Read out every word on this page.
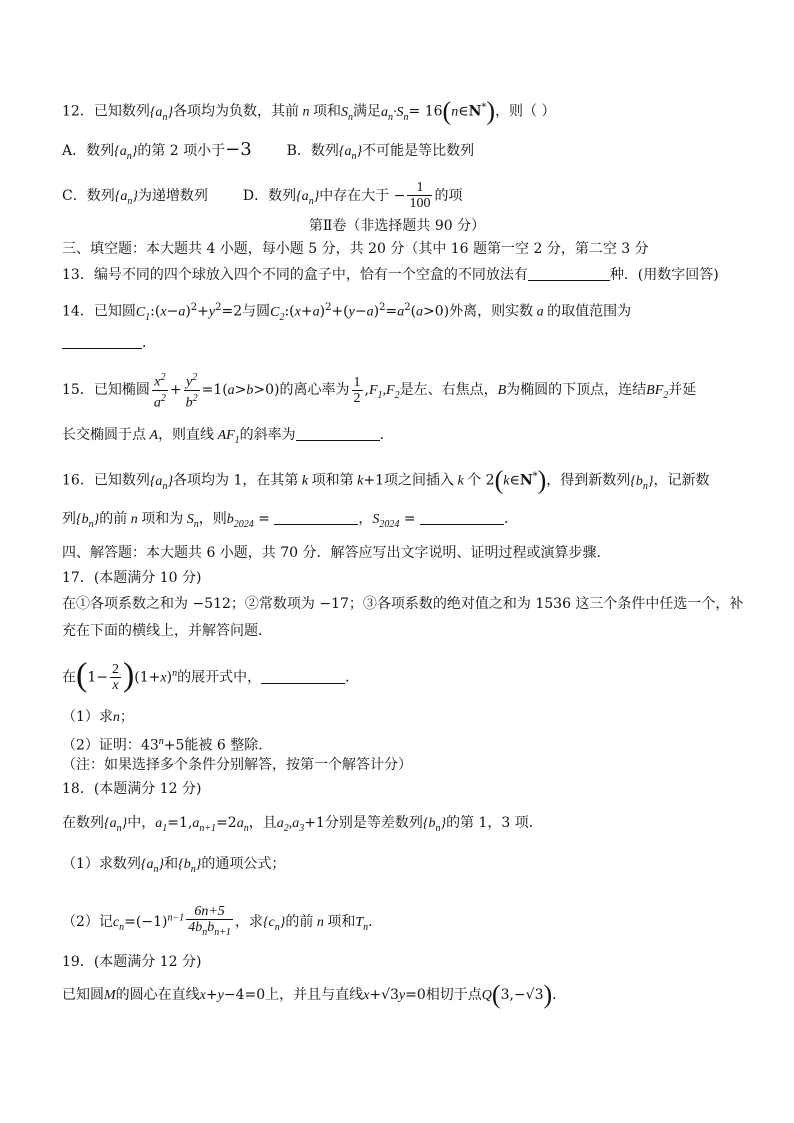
12．已知数列$\{a_n\}$各项均为负数，其前 n 项和$S_n$满足$a_n\cdot S_n=$ 16(n∈N*)，则（ ）
A．数列$\{a_n\}$的第 2 项小于−3 B．数列$\{a_n\}$不可能是等比数列
C．数列$\{a_n\}$为递增数列 D．数列$\{a_n\}$中存在大于 − $\frac{1}{100}$ 的项
第Ⅱ卷（非选择题共 90 分）
三、填空题：本大题共 4 小题，每小题 5 分，共 20 分（其中 16 题第一空 2 分，第二空 3 分
13．编号不同的四个球放入四个不同的盒子中，恰有一个空盒的不同放法有	种．(用数字回答)
14．已知圆$C_1:(x-a)^2+y^2=2$与圆$C_2:(x+a)^2+(y-a)^2=a^2(a>0)$外离，则实数 a 的取值范围为
．
15．已知椭圆 $\frac{x^2}{a^2} + \frac{y^2}{b^2} =1(a>b>0)$的离心率为 $\frac{1}{2} ,F_1,F_2$是左、右焦点，B为椭圆的下顶点，连结$BF_2$并延
长交椭圆于点 A，则直线 $AF_1$的斜率为	．
16．已知数列$\{a_n\}$各项均为 1，在其第 k 项和第 k+1项之间插入 k 个 2(k∈N*)，得到新数列$\{b_n\}$，记新数
列$\{b_n\}$的前 n 项和为 $S_n$，则$b_{2024}$ =	，$S_{2024}$ =	．
四、解答题：本大题共 6 小题，共 70 分．解答应写出文字说明、证明过程或演算步骤．
17．(本题满分 10 分)
在①各项系数之和为 −512；②常数项为 −17；③各项系数的绝对值之和为 1536 这三个条件中任选一个，补
充在下面的横线上，并解答问题．
在$(1- \frac{2}{x} )(1+x)^n$的展开式中，	．
（1）求n；
（2）证明：$43^n+5$能被 6 整除．
（注：如果选择多个条件分别解答，按第一个解答计分）
18．(本题满分 12 分)
在数列$\{a_n\}$中，$a_1=1,a_{n+1}=2a_n$，且$a_2,a_3+1$分别是等差数列$\{b_n\}$的第 1，3 项．
（1）求数列$\{a_n\}$和$\{b_n\}$的通项公式；
（2）记$c_n=(-1)^{n-1} \frac{6n+5}{4b_nb_{n+1}}$ ，求$\{c_n\}$的前 n 项和$T_n$．
19．(本题满分 12 分)
已知圆M的圆心在直线x+y−4=0上，并且与直线x+√3y=0相切于点Q(3,−√3)．
